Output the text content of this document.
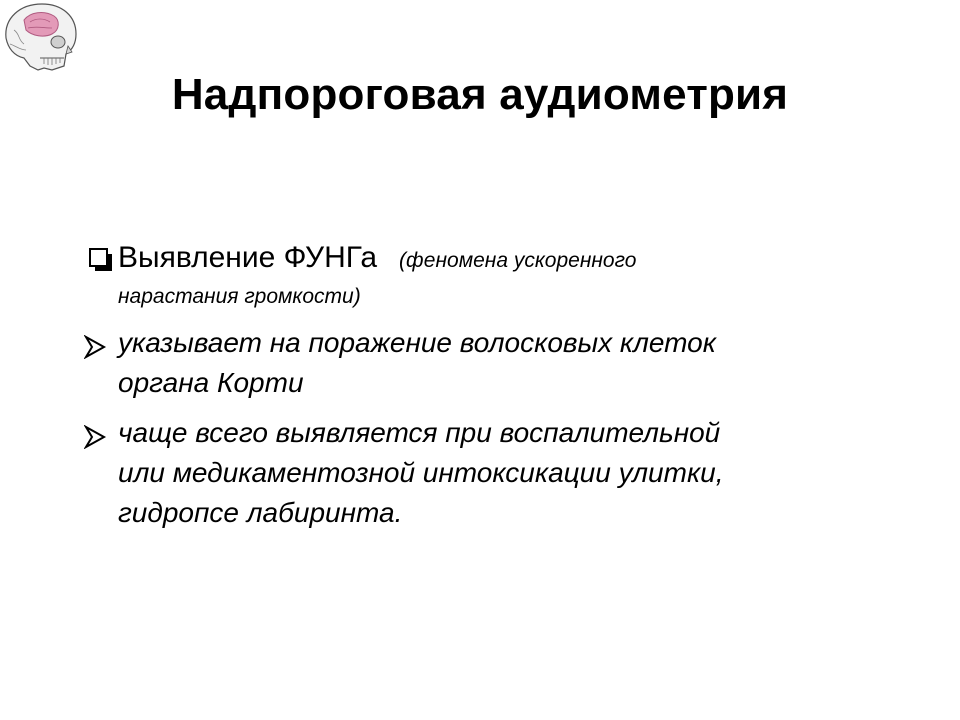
Надпороговая аудиометрия
Выявление ФУНГа (феномена ускоренного
нарастания громкости)
указывает на поражение волосковых клеток
органа Корти
чаще всего выявляется при воспалительной
или медикаментозной интоксикации улитки,
гидропсе лабиринта.
